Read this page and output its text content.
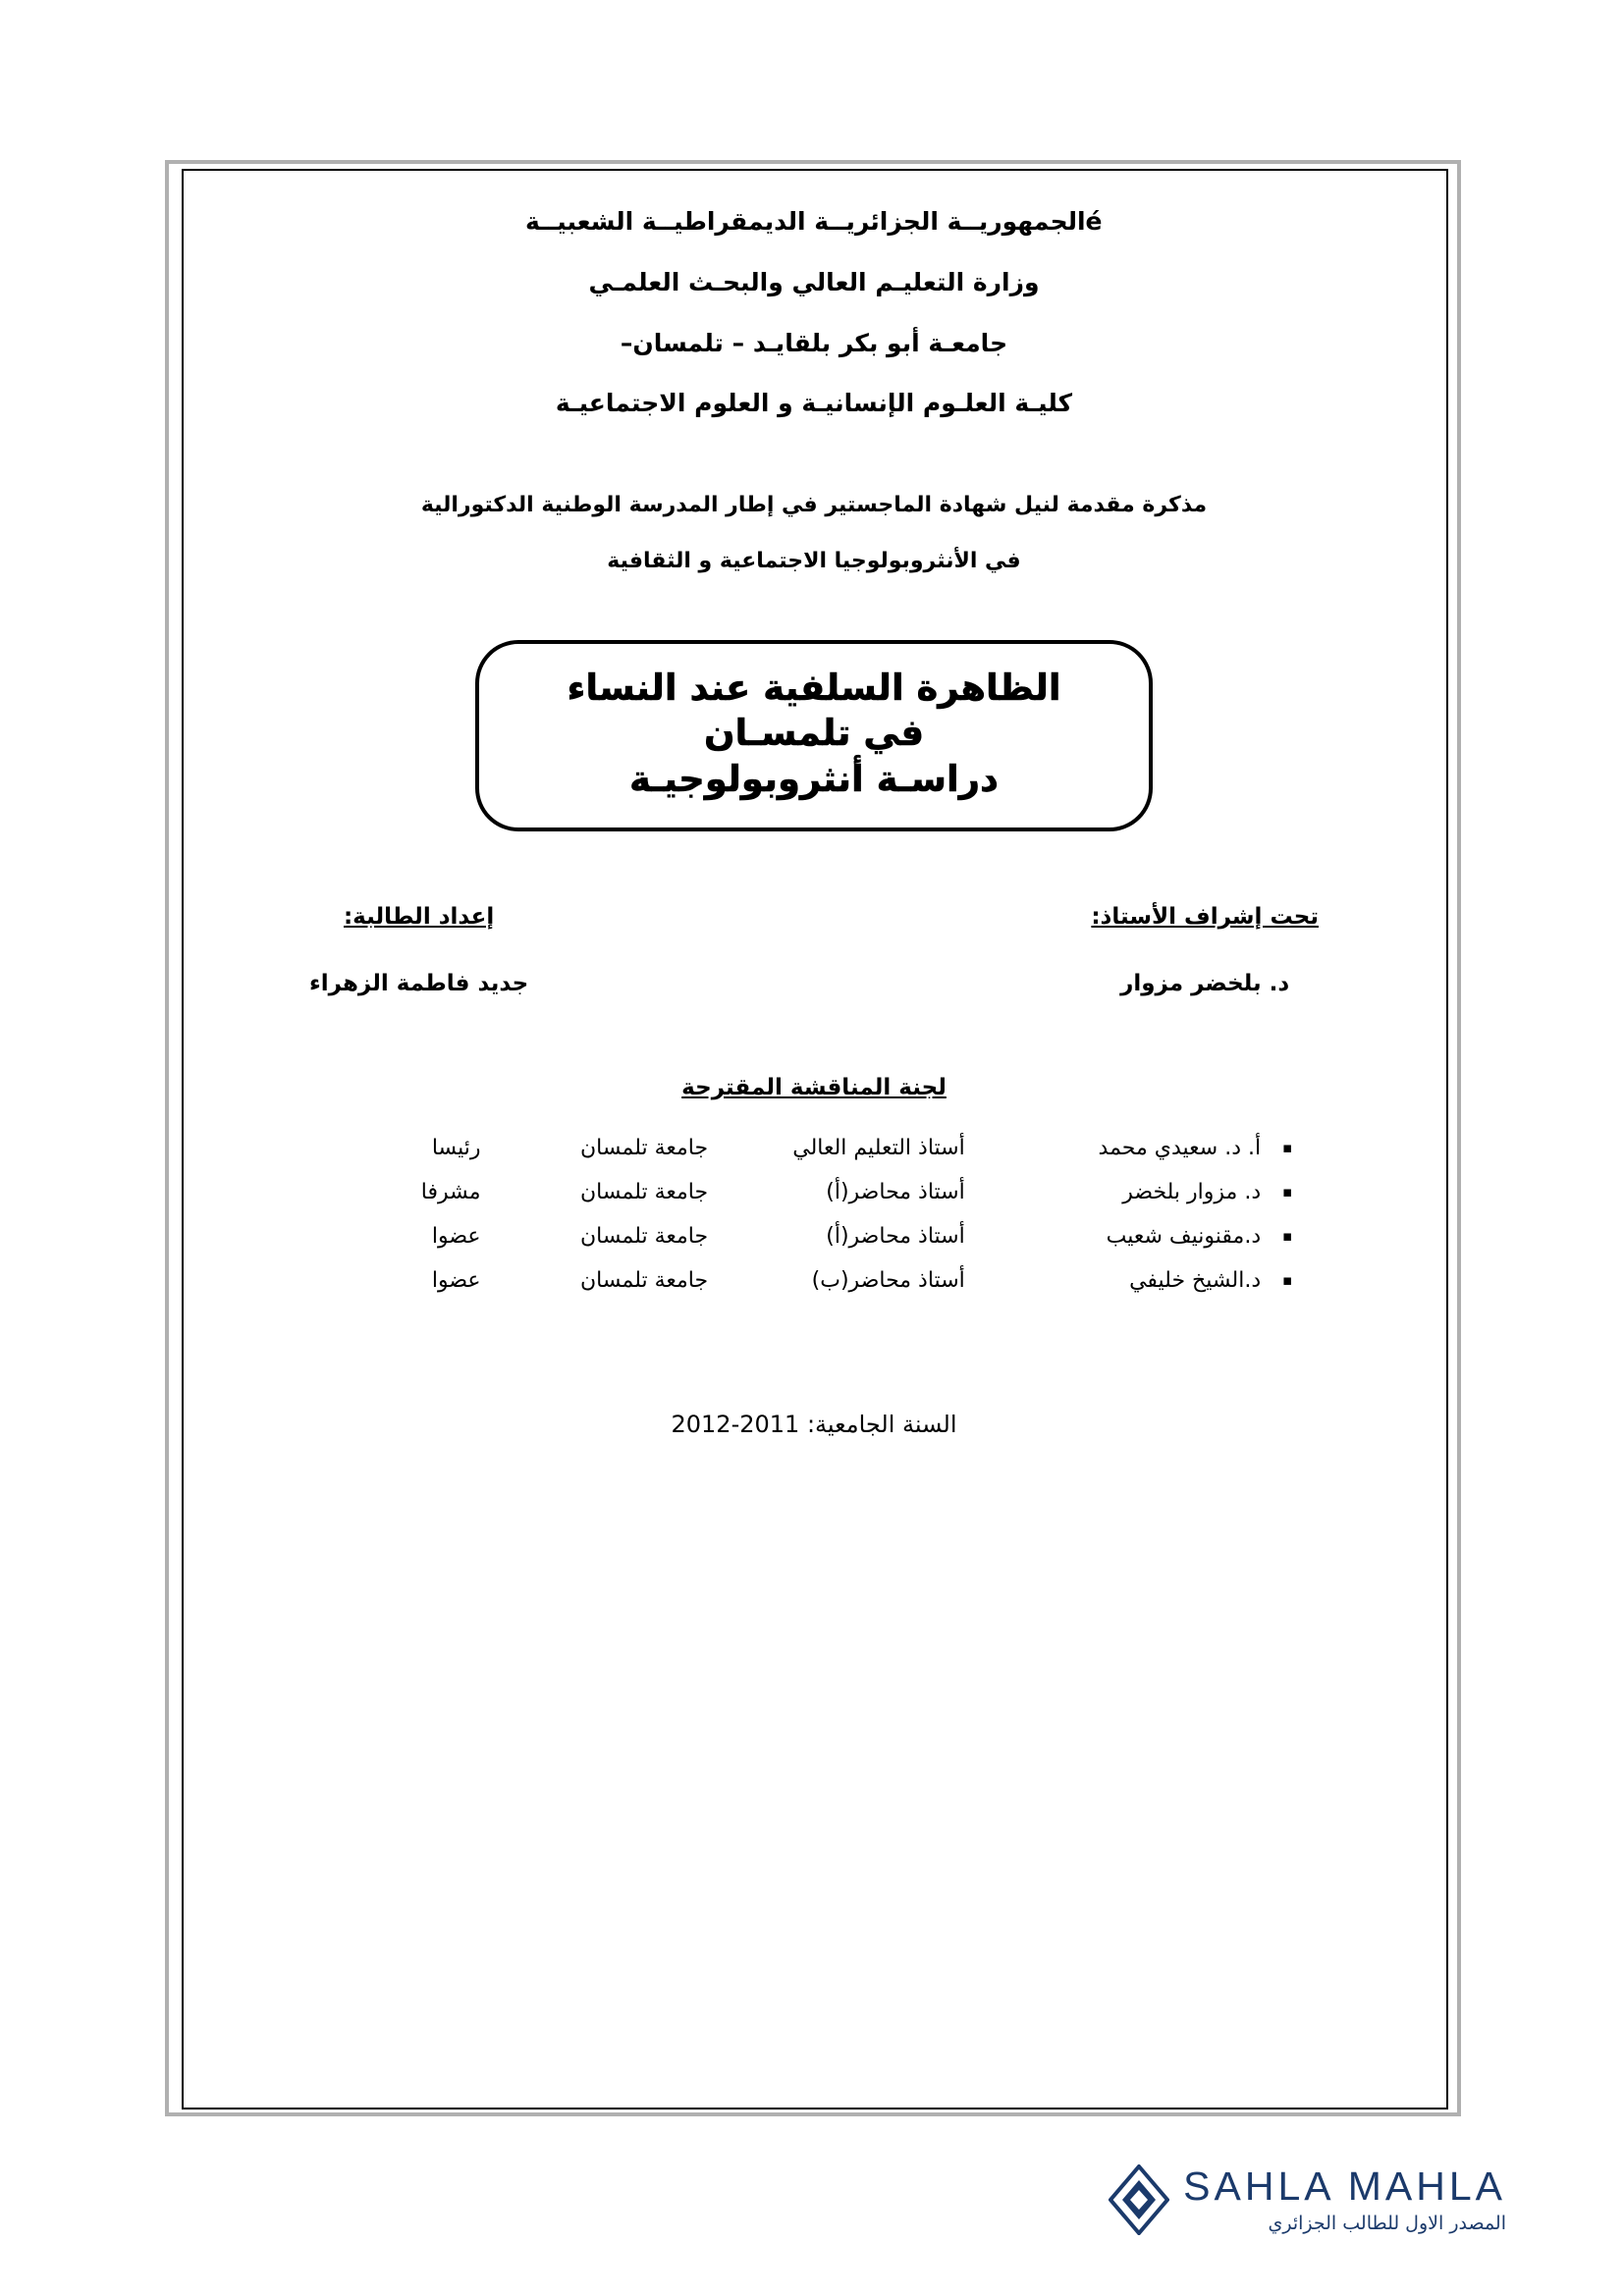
éالجمهوريــة الجزائريــة الديمقراطيــة الشعبيــة
وزارة التعليـم العالي والبحـث العلمـي
جامعـة أبو بكر بلقايـد – تلمسان–
كليـة العلـوم الإنسانيـة و العلوم الاجتماعيـة
مذكرة مقدمة لنيل شهادة الماجستير في إطار المدرسة الوطنية الدكتورالية
في الأنثروبولوجيا الاجتماعية و الثقافية
الظاهرة السلفية عند النساء
في تلمسـان
دراسـة أنثروبولوجيـة
إعداد الطالبة:
جديد فاطمة الزهراء
تحت إشراف الأستاذ:
د. بلخضر مزوار
لجنة المناقشة المقترحة
▪	أ. د. سعيدي محمد	أستاذ التعليم العالي	جامعة تلمسان	رئيسا
▪	د. مزوار بلخضر	أستاذ محاضر(أ)	جامعة تلمسان	مشرفا
▪	د.مقنونيف شعيب	أستاذ محاضر(أ)	جامعة تلمسان	عضوا
▪	د.الشيخ خليفي	أستاذ محاضر(ب)	جامعة تلمسان	عضوا
السنة الجامعية: 2012-2011
SAHLA MAHLA
المصدر الاول للطالب الجزائري
